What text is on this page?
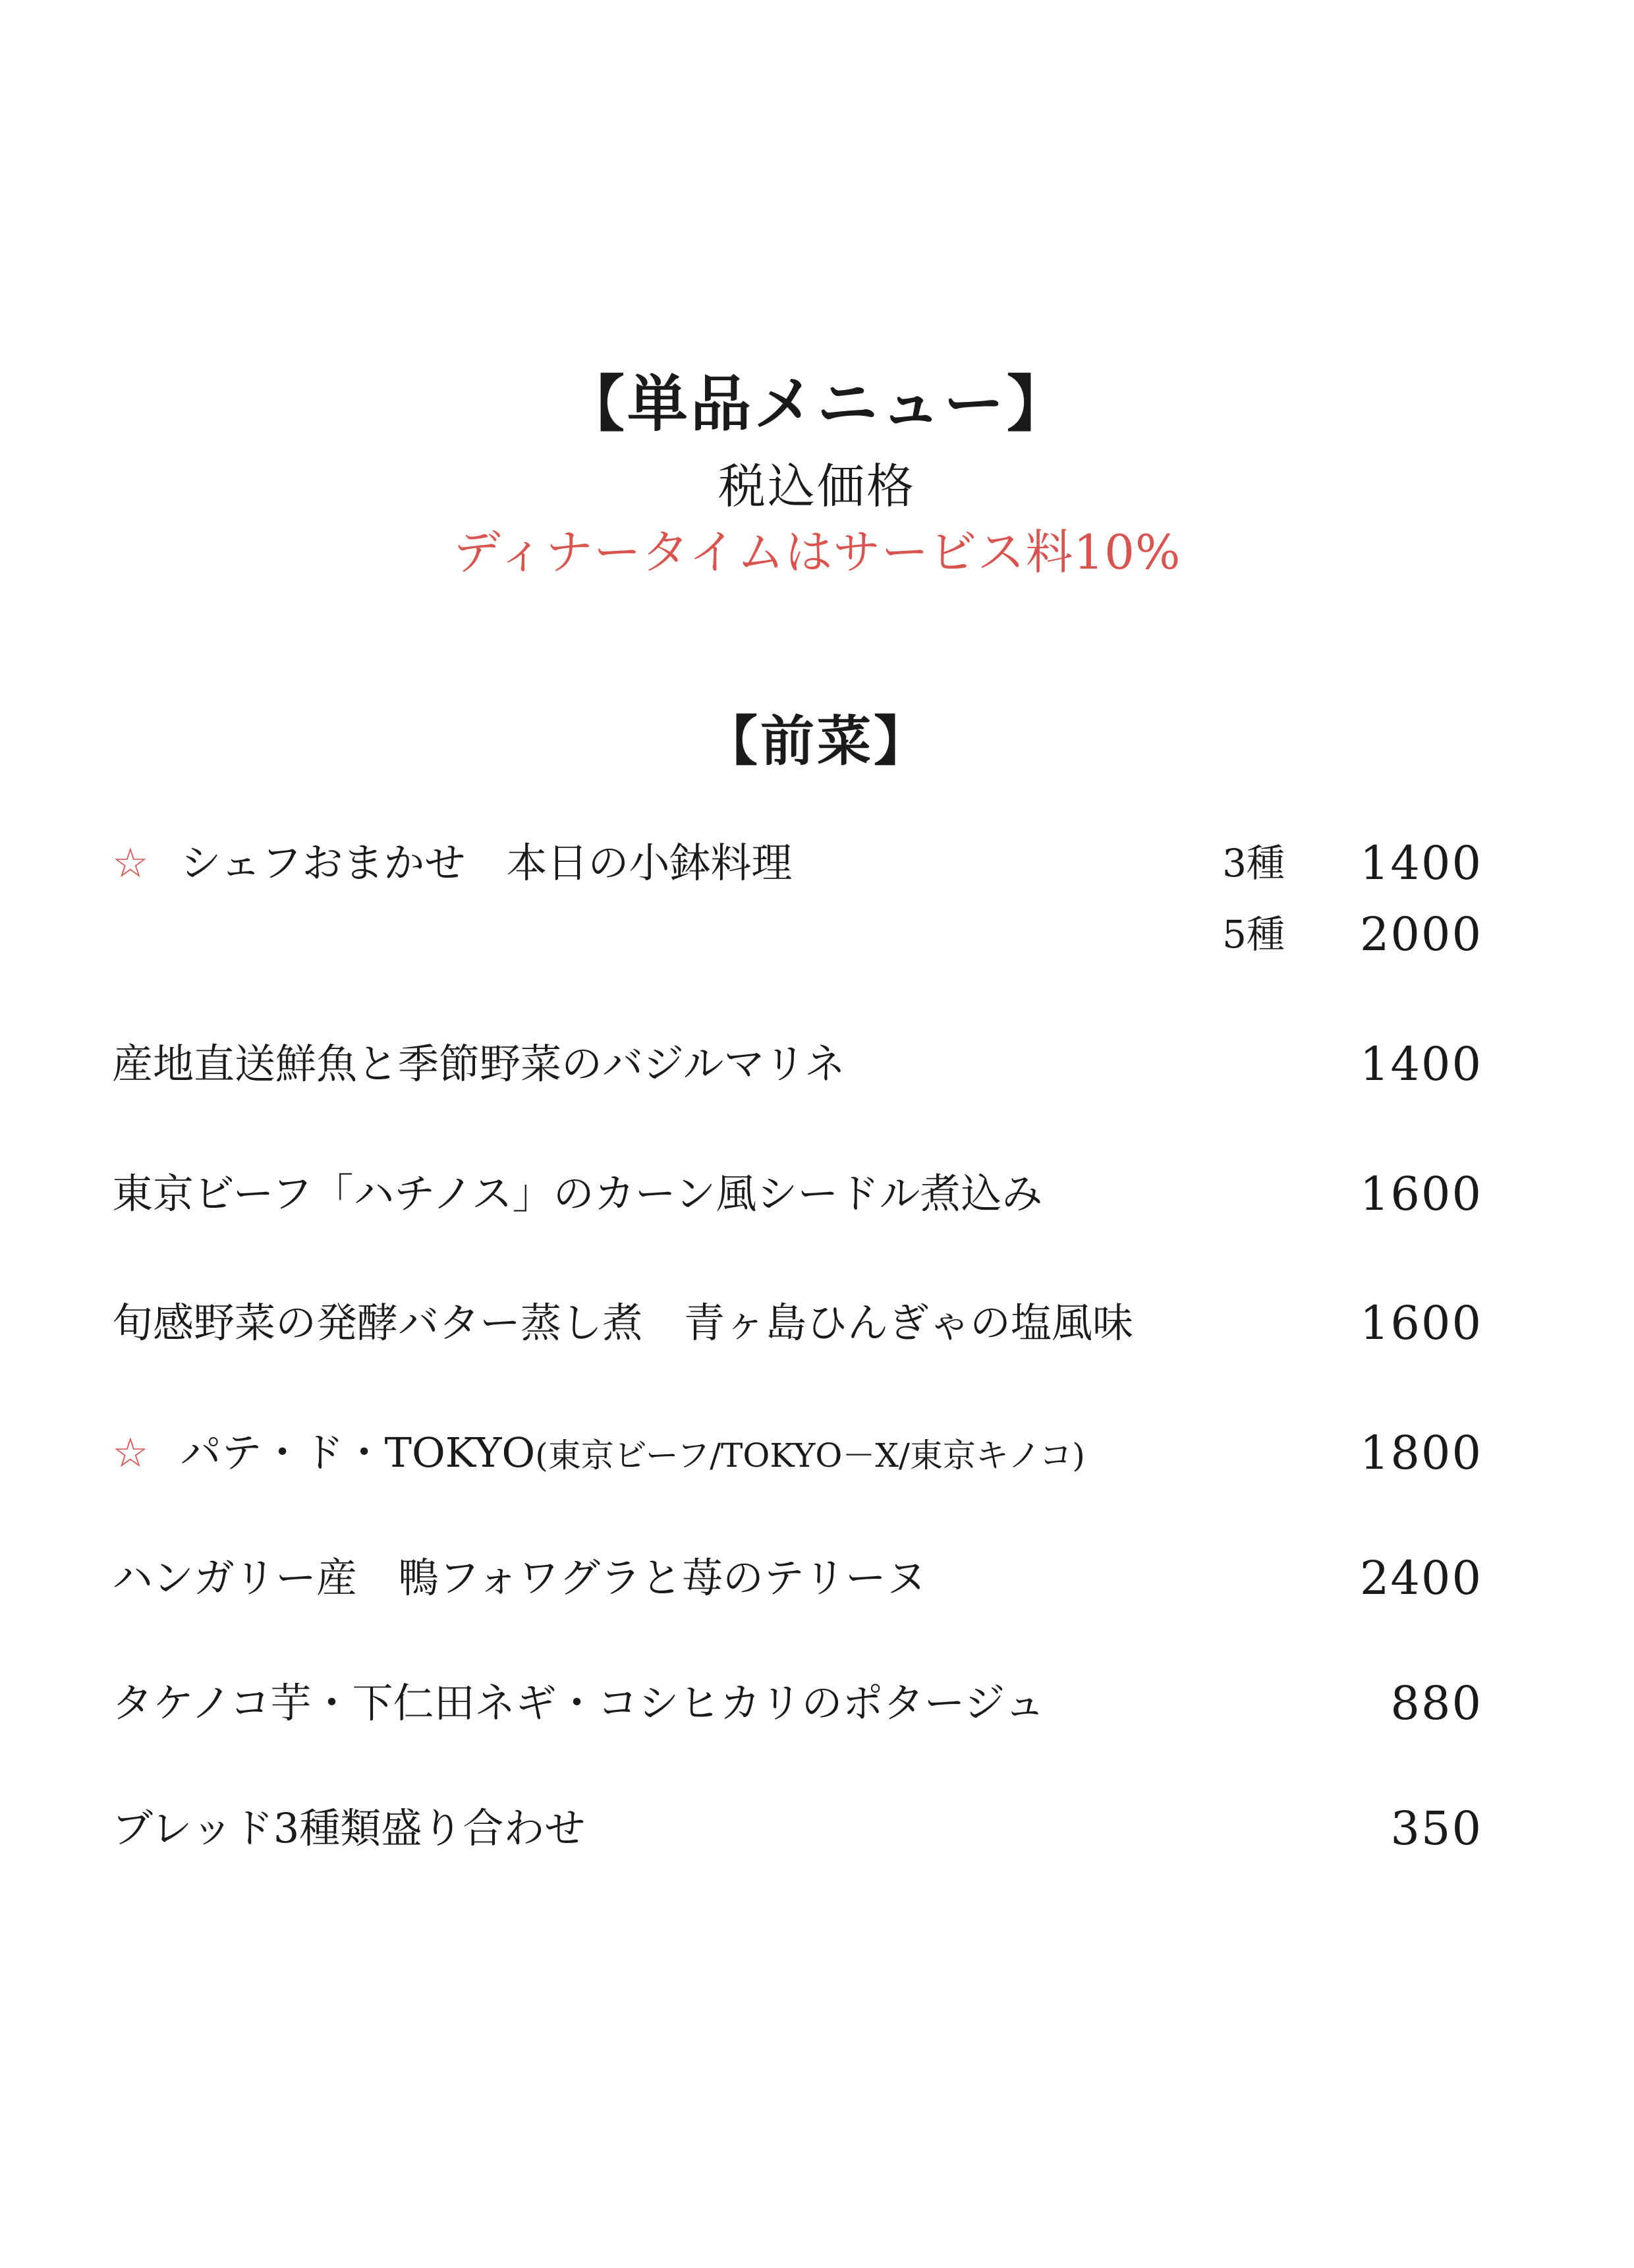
【単品メニュー】
税込価格
ディナータイムはサービス料10%
【前菜】
☆ シェフおまかせ　本日の小鉢料理	3種 1400
5種 2000
産地直送鮮魚と季節野菜のバジルマリネ	1400
東京ビーフ「ハチノス」のカーン風シードル煮込み	1600
旬感野菜の発酵バター蒸し煮　青ヶ島ひんぎゃの塩風味	1600
☆ パテ・ド・TOKYO(東京ビーフ/TOKYO－X/東京キノコ)	1800
ハンガリー産　鴨フォワグラと苺のテリーヌ	2400
タケノコ芋・下仁田ネギ・コシヒカリのポタージュ	880
ブレッド3種類盛り合わせ	350
